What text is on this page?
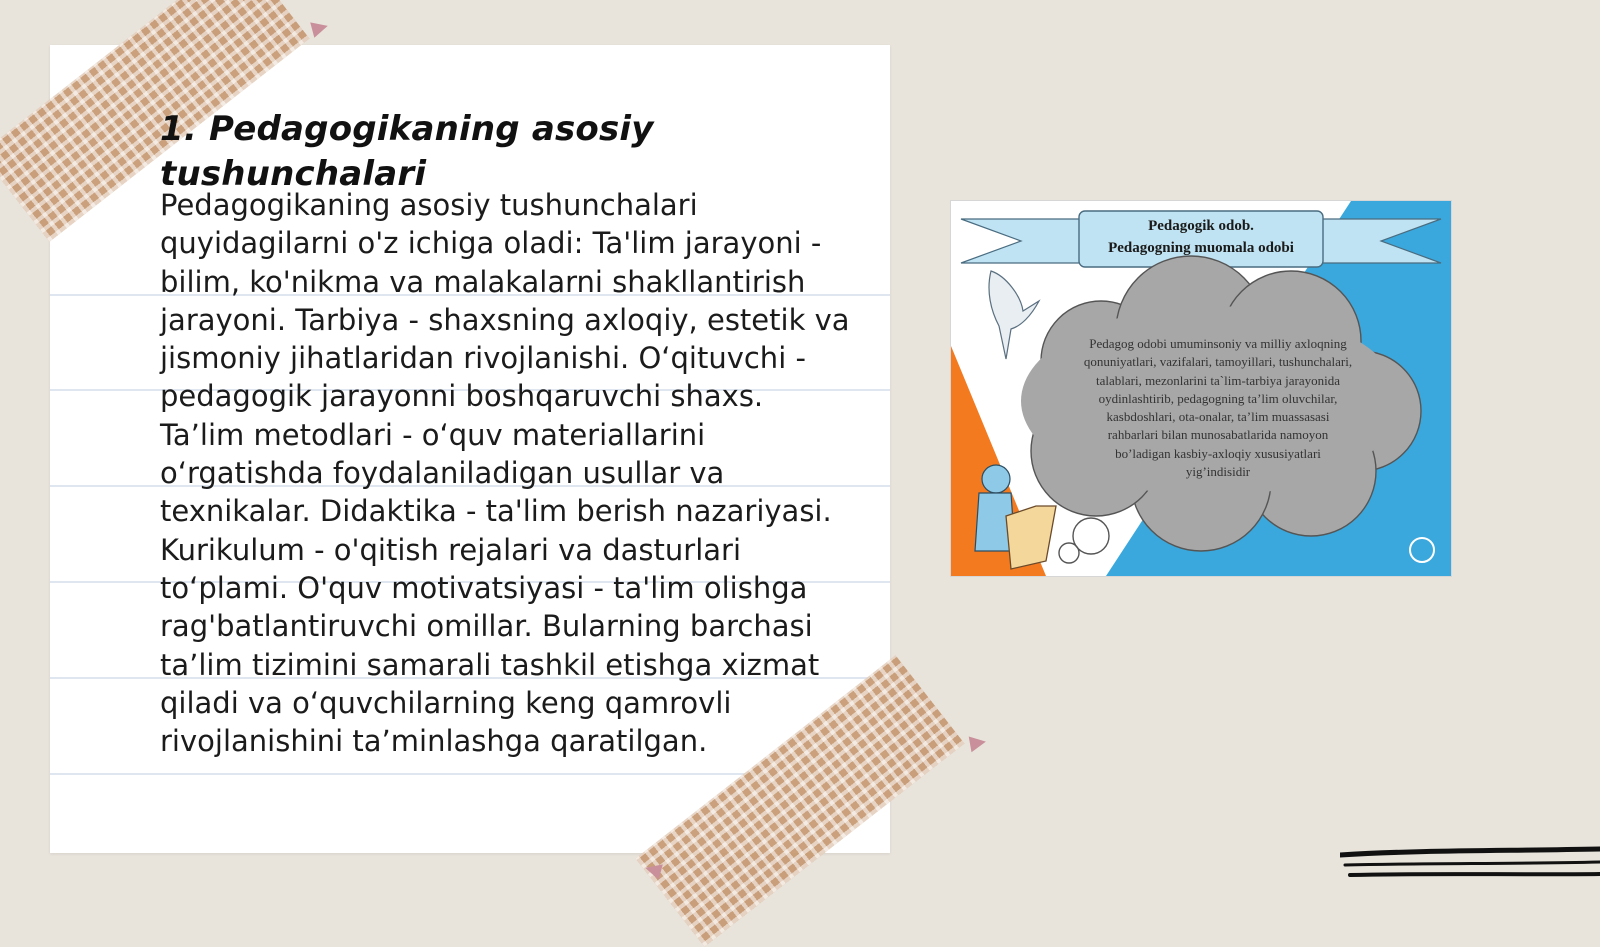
1. Pedagogikaning asosiy tushunchalari

Pedagogikaning asosiy tushunchalari quyidagilarni o'z ichiga oladi: Ta'lim jarayoni - bilim, ko'nikma va malakalarni shakllantirish jarayoni. Tarbiya - shaxsning axloqiy, estetik va jismoniy jihatlaridan rivojlanishi. O‘qituvchi - pedagogik jarayonni boshqaruvchi shaxs. Ta’lim metodlari - o‘quv materiallarini o‘rgatishda foydalaniladigan usullar va texnikalar. Didaktika - ta'lim berish nazariyasi. Kurikulum - o'qitish rejalari va dasturlari to‘plami. O'quv motivatsiyasi - ta'lim olishga rag'batlantiruvchi omillar. Bularning barchasi ta’lim tizimini samarali tashkil etishga xizmat qiladi va o‘quvchilarning keng qamrovli rivojlanishini ta’minlashga qaratilgan.

Pedagogik odob.
Pedagogning muomala odobi

Pedagog odobi umuminsoniy va milliy axloqning qonuniyatlari, vazifalari, tamoyillari, tushunchalari, talablari, mezonlarini ta`lim-tarbiya jarayonida oydinlashtirib, pedagogning ta’lim oluvchilar, kasbdoshlari, ota-onalar, ta’lim muassasasi rahbarlari bilan munosabatlarida namoyon bo’ladigan kasbiy-axloqiy xususiyatlari yig’indisidir
